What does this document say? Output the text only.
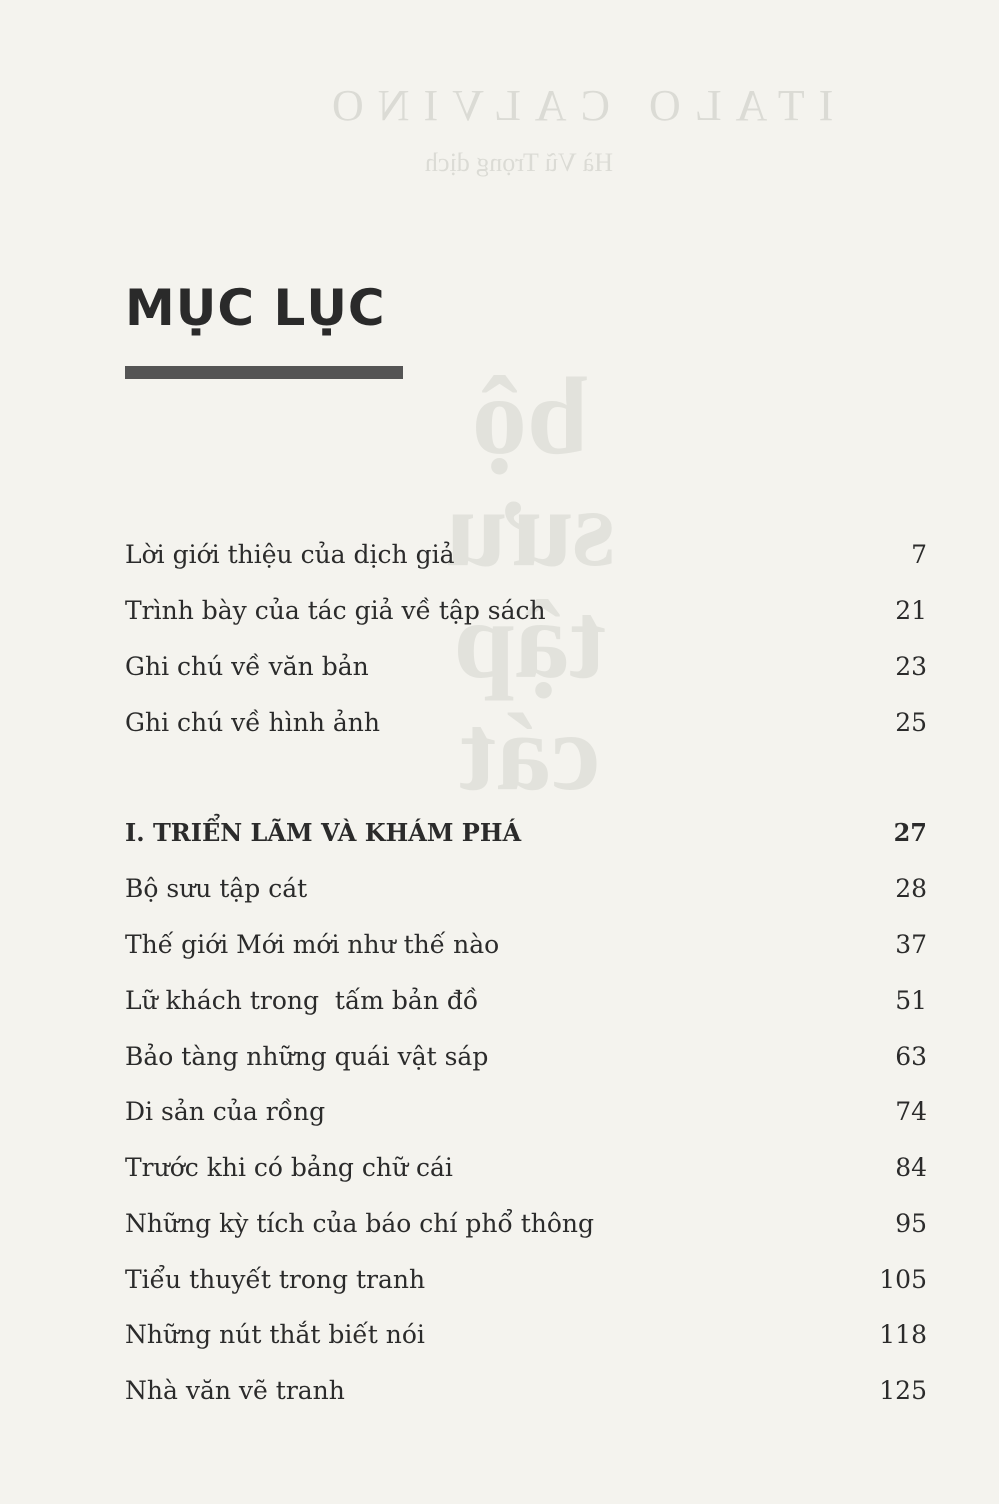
ITALO CALVINO
Hà Vũ Trọng dịch
bộ
sưu
tập
cát
MỤC LỤC
Lời giới thiệu của dịch giả	7
Trình bày của tác giả về tập sách	21
Ghi chú về văn bản	23
Ghi chú về hình ảnh	25
I. TRIỂN LÃM VÀ KHÁM PHÁ	27
Bộ sưu tập cát	28
Thế giới Mới mới như thế nào	37
Lữ khách trong  tấm bản đồ	51
Bảo tàng những quái vật sáp	63
Di sản của rồng	74
Trước khi có bảng chữ cái	84
Những kỳ tích của báo chí phổ thông	95
Tiểu thuyết trong tranh	105
Những nút thắt biết nói	118
Nhà văn vẽ tranh	125
